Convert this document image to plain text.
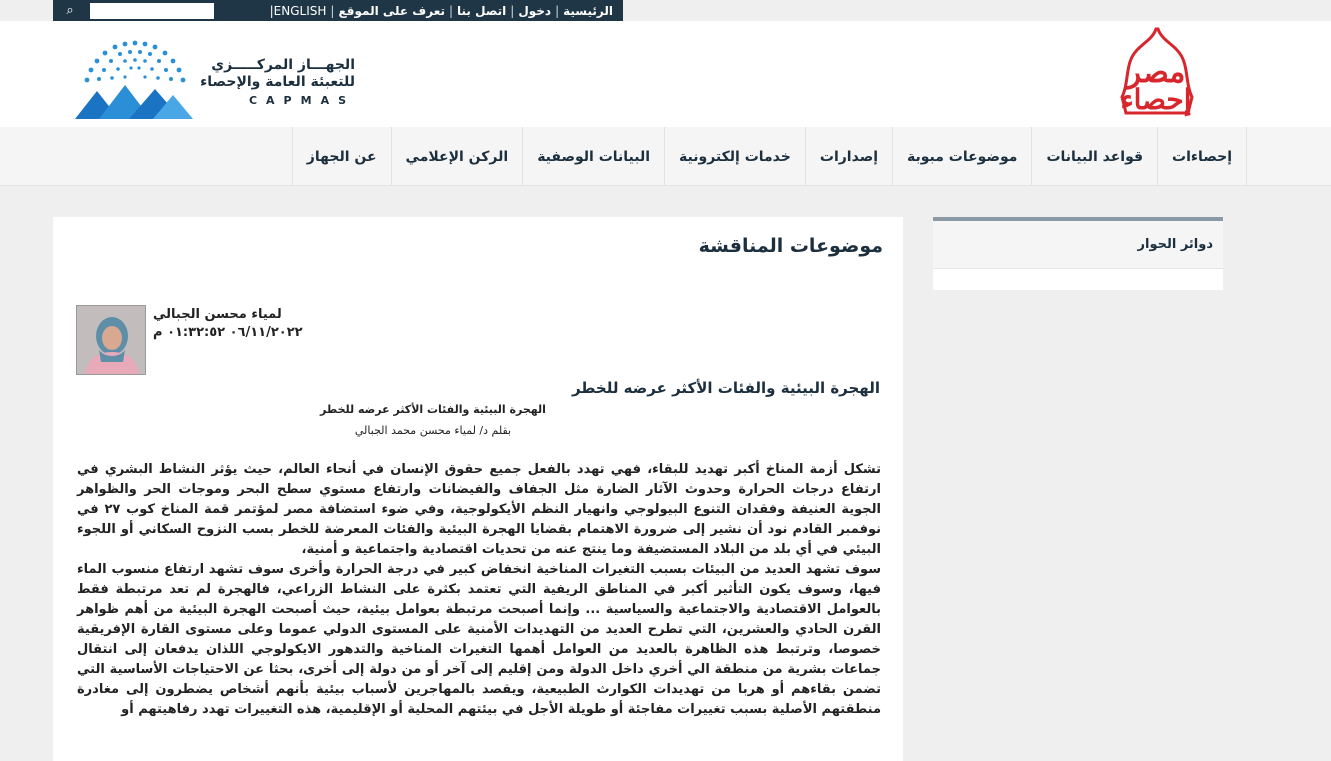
⌕	الرئيسية
|
دخول
|
اتصل بنا
|
تعرف على الموقع
|
|ENGLISH
الجهـــاز المركـــــزي
للتعبئة العامة والإحصاء
CAPMAS
مصر
إحصاء
إحصاءات
قواعد البيانات
موضوعات مبوبة
إصدارات
خدمات إلكترونية
البيانات الوصفية
الركن الإعلامي
عن الجهاز
موضوعات المناقشة
لمياء محسن الجبالي
٠٦/١١/٢٠٢٢ ٠١:٣٢:٥٢ م
الهجرة البيئية والفئات الأكثر عرضه للخطر
الهجرة البيئية والفئات الأكثر عرضه للخطر
بقلم د/ لمياء محسن محمد الجبالي

تشكل أزمة المناخ أكبر تهديد للبقاء، فهي تهدد بالفعل جميع حقوق الإنسان في أنحاء العالم، حيث يؤثر النشاط البشري في ارتفاع درجات الحرارة وحدوث الآثار الضارة مثل الجفاف والفيضانات وارتفاع مستوي سطح البحر وموجات الحر والظواهر الجوية العنيفة وفقدان التنوع البيولوجي وانهيار النظم الأيكولوجية، وفي ضوء استضافة مصر لمؤتمر قمة المناخ كوب ٢٧ في نوفمبر القادم نود أن نشير إلى ضرورة الاهتمام بقضايا الهجرة البيئية والفئات المعرضة للخطر بسب النزوح السكاني أو اللجوء البيئي في أي بلد من البلاد المستضيفة وما ينتج عنه من تحديات اقتصادية واجتماعية و أمنية،

سوف تشهد العديد من البيئات بسبب التغيرات المناخية انخفاض كبير في درجة الحرارة وأخرى سوف تشهد ارتفاع منسوب الماء فيها، وسوف يكون التأثير أكبر في المناطق الريفية التي تعتمد بكثرة على النشاط الزراعي، فالهجرة لم تعد مرتبطة فقط بالعوامل الاقتصادية والاجتماعية والسياسية ... وإنما أصبحت مرتبطة بعوامل بيئية، حيث أصبحت الهجرة البيئية من أهم ظواهر القرن الحادي والعشرين، التي تطرح العديد من التهديدات الأمنية على المستوى الدولي عموما وعلى مستوى القارة الإفريقية خصوصا، وترتبط هذه الظاهرة بالعديد من العوامل أهمها التغيرات المناخية والتدهور الايكولوجي اللذان يدفعان إلى انتقال جماعات بشرية من منطقة الي أخري داخل الدولة ومن إقليم إلى آخر أو من دولة إلى أخرى، بحثا عن الاحتياجات الأساسية التي تضمن بقاءهم أو هربا من تهديدات الكوارث الطبيعية، ويقصد بالمهاجرين لأسباب بيئية بأنهم أشخاص يضطرون إلى مغادرة منطقتهم الأصلية بسبب تغييرات مفاجئة أو طويلة الأجل في بيئتهم المحلية أو الإقليمية، هذه التغييرات تهدد رفاهيتهم أو

دوائر الحوار
